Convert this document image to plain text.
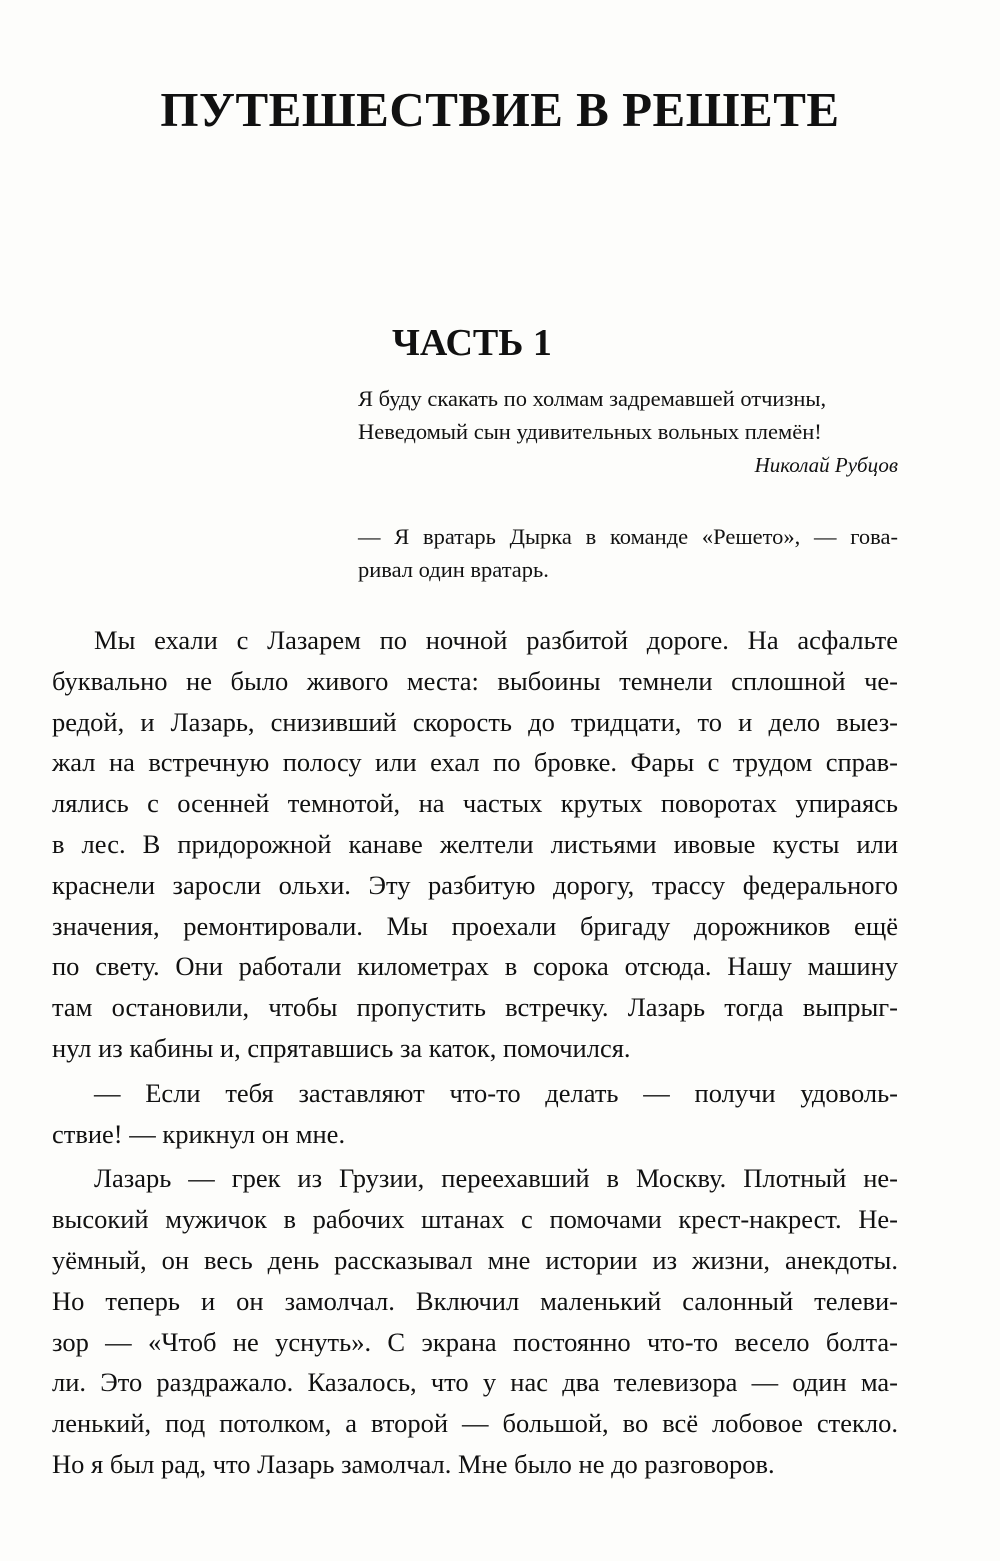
ПУТЕШЕСТВИЕ В РЕШЕТЕ
ЧАСТЬ 1
Я буду скакать по холмам задремавшей отчизны,
Неведомый сын удивительных вольных племён!
Николай Рубцов
— Я вратарь Дырка в команде «Решето», — гова-
ривал один вратарь.
Мы ехали с Лазарем по ночной разбитой дороге. На асфальте
буквально не было живого места: выбоины темнели сплошной че-
редой, и Лазарь, снизивший скорость до тридцати, то и дело выез-
жал на встречную полосу или ехал по бровке. Фары с трудом справ-
лялись с осенней темнотой, на частых крутых поворотах упираясь
в лес. В придорожной канаве желтели листьями ивовые кусты или
краснели заросли ольхи. Эту разбитую дорогу, трассу федерального
значения, ремонтировали. Мы проехали бригаду дорожников ещё
по свету. Они работали километрах в сорока отсюда. Нашу машину
там остановили, чтобы пропустить встречку. Лазарь тогда выпрыг-
нул из кабины и, спрятавшись за каток, помочился.
— Если тебя заставляют что-то делать — получи удоволь-
ствие! — крикнул он мне.
Лазарь — грек из Грузии, переехавший в Москву. Плотный не-
высокий мужичок в рабочих штанах с помочами крест-накрест. Не-
уёмный, он весь день рассказывал мне истории из жизни, анекдоты.
Но теперь и он замолчал. Включил маленький салонный телеви-
зор — «Чтоб не уснуть». С экрана постоянно что-то весело болта-
ли. Это раздражало. Казалось, что у нас два телевизора — один ма-
ленький, под потолком, а второй — большой, во всё лобовое стекло.
Но я был рад, что Лазарь замолчал. Мне было не до разговоров.
